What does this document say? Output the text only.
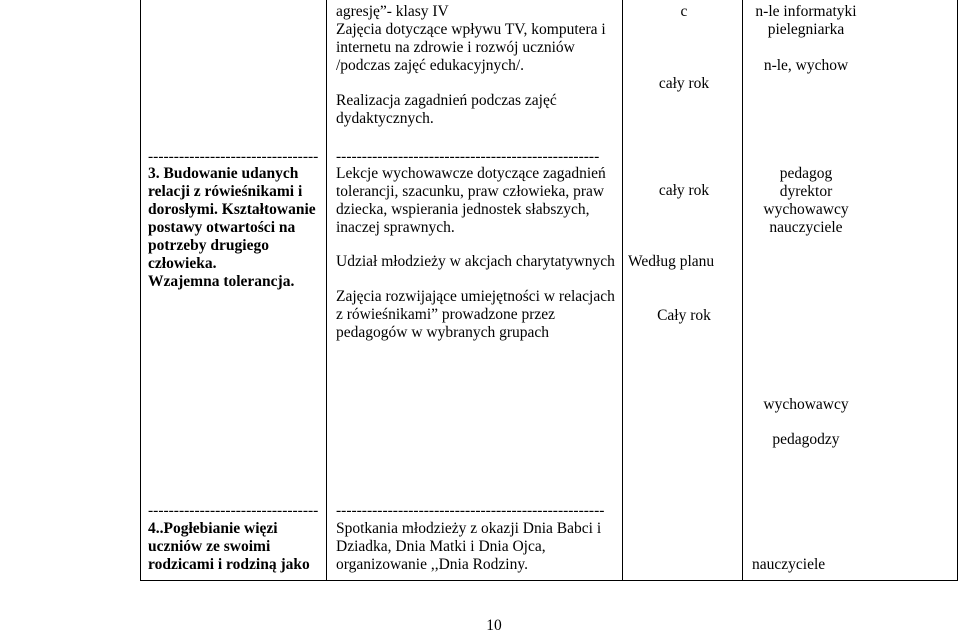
agresję”- klasy IV
Zajęcia dotyczące wpływu TV, komputera i
internetu na zdrowie i rozwój uczniów
/podczas zajęć edukacyjnych/.
Realizacja zagadnień podczas zajęć
dydaktycznych.
c
cały rok
n-le informatyki
pielegniarka
n-le, wychow
---------------------------------
3. Budowanie udanych
relacji z rówieśnikami i
dorosłymi. Kształtowanie
postawy otwartości na
potrzeby drugiego
człowieka.
Wzajemna tolerancja.
---------------------------------------------------
Lekcje wychowawcze dotyczące zagadnień
tolerancji, szacunku, praw człowieka, praw
dziecka, wspierania jednostek słabszych,
inaczej sprawnych.
Udział młodzieży w akcjach charytatywnych
Zajęcia rozwijające umiejętności w relacjach
z rówieśnikami” prowadzone przez
pedagogów w wybranych grupach
cały rok
Według planu
Cały rok
pedagog
dyrektor
wychowawcy
nauczyciele
wychowawcy
pedagodzy
---------------------------------
4..Pogłebianie więzi
uczniów ze swoimi
rodzicami i rodziną jako
----------------------------------------------------
Spotkania młodzieży z okazji Dnia Babci i
Dziadka, Dnia Matki i Dnia Ojca,
organizowanie ,,Dnia Rodziny.	nauczyciele
10
